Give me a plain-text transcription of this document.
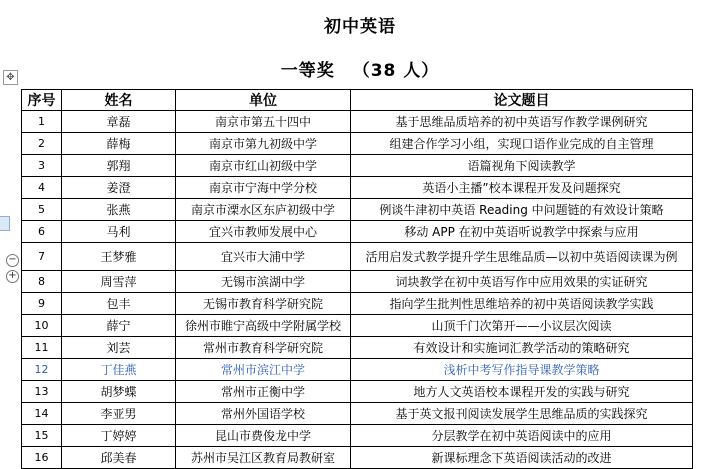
初中英语
一等奖 （38 人）
✥
−
+
序号	姓名	单位	论文题目
1	章磊	南京市第五十四中	基于思维品质培养的初中英语写作教学课例研究
2	薛梅	南京市第九初级中学	组建合作学习小组，实现口语作业完成的自主管理
3	郭翔	南京市红山初级中学	语篇视角下阅读教学
4	姜澄	南京市宁海中学分校	英语小主播”校本课程开发及问题探究
5	张燕	南京市溧水区东庐初级中学	例谈牛津初中英语 Reading 中问题链的有效设计策略
6	马利	宜兴市教师发展中心	移动 APP 在初中英语听说教学中探索与应用
7	王梦雅	宜兴市大浦中学	活用启发式教学提升学生思维品质—以初中英语阅读课为例
8	周雪萍	无锡市滨湖中学	词块教学在初中英语写作中应用效果的实证研究
9	包丰	无锡市教育科学研究院	指向学生批判性思维培养的初中英语阅读教学实践
10	薛宁	徐州市睢宁高级中学附属学校	山顶千门次第开——小议层次阅读
11	刘芸	常州市教育科学研究院	有效设计和实施词汇教学活动的策略研究
12	丁佳燕	常州市滨江中学	浅析中考写作指导课教学策略
13	胡梦蝶	常州市正衡中学	地方人文英语校本课程开发的实践与研究
14	李亚男	常州外国语学校	基于英文报刊阅读发展学生思维品质的实践探究
15	丁婷婷	昆山市费俊龙中学	分层教学在初中英语阅读中的应用
16	邱美春	苏州市吴江区教育局教研室	新课标理念下英语阅读活动的改进
